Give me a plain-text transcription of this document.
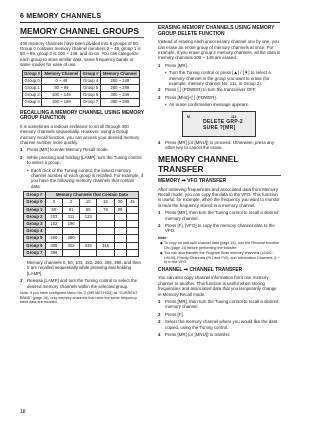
6 MEMORY CHANNELS
MEMORY CHANNEL GROUPS

400 memory channels have been divided into 8 groups of 50. Group 0 contains memory channel numbers 0 ~ 49, group 1 is 50 ~ 99, group 2 is 100 ~ 149, and so on. You can categorize each group to store similar data, same frequency bands or same modes for ease of use.

Group #	Memory Channel	Group #	Memory Channel
Group 0	0 ~ 49	Group 4	200 ~ 249
Group 1	50 ~ 99	Group 5	250 ~ 299
Group 2	100 ~ 149	Group 6	300 ~ 349
Group 3	150 ~ 199	Group 7	350 ~ 399
RECALLING A MEMORY CHANNEL USING MEMORY GROUP FUNCTION

It is sometimes a tedious endeavor to scroll through 400 memory channels sequentially. However, using a Group memory recall function, you can access your desired memory channel number more quickly.

1	Press [MR] to enter Memory Recall mode.
2	While pressing and holding [LAMP], turn the Tuning control to select a group.
• Each click of the Tuning control, the lowest memory channel number of each group is recalled. For example, if you have the following memory channels that contain data:
Group #	Memory Channels that Contain Data					
Group 0	0	2	10	15	30	45
Group 1	50	61	65	78	98	
Group 2	103	111	123			
Group 3	152	196				
Group 4						
Group 5	260	280				
Group 6	305	322	333	345		
Group 7	399					

Memory channels 0, 50, 103, 152, 260, 305, 399, and then 0 are recalled sequentially while pressing and holding [LAMP].

3	Release [LAMP] and turn the Tuning control to select the desired memory channels within the selected group.
Note: If you have configured Menu No. 2 (MR METHOD) as "CURRENT BAND" (page 16), only memory channels that have the same frequency band data are recalled.
ERASING MEMORY CHANNELS USING MEMORY GROUP DELETE FUNCTION

Instead of erasing each unnecessary channel one by one, you can erase an entire group of memory channels at once. For example, if you erase group 2 memory channels, all the data in memory channels 100 ~ 149 are erased.

1	Press [MR].
• Turn the Tuning control or press [▲] / [▼] to select a memory channel in the group you want to erase (for example, memory channel No. 111, in Group 2).
2	Press [ ] (POWER) to turn the transceiver OFF.
3	Press [MHz]+[ ] (POWER).
• An erase confirmation message appears.
M	111
DELETE GRP-2
SURE ?[MR]
4	Press [MR] (or [MNU]) to proceed. Otherwise, press any other key to cancel the erase.
MEMORY CHANNEL TRANSFER
MEMORY ➡ VFO TRANSFER

After retrieving frequencies and associated data from Memory Recall mode, you can copy the data to the VFO. This function is useful, for example, when the frequency you want to monitor is near the frequency stored in a memory channel.

1	Press [MR], then turn the Tuning control to recall a desired memory channel.
2	Press [F], [VFO] to copy the memory channel data to the VFO.
Note:
◆ To copy an odd-split channel data (page 15), turn the Reverse function ON (page 14) before performing the transfer.
◆ You can also transfer the Program Scan memory channels (L0/U0 ~ L9/U9), Priority Channels (Pr1 and Pr2), and Information Channels (1 ~ 6) to the VFO.
CHANNEL ➡ CHANNEL TRANSFER

You can also copy channel information from one memory channel to another. This function is useful when storing frequencies and associated data that you temporarily change in Memory Recall mode.

1	Press [MR], then turn the Tuning control to recall a desired memory channel.
2	Press [F].
3	Select the memory channel where you would like the data copied, using the Tuning control.
4	Press [MR] (or [MNU]) to transfer.
18
